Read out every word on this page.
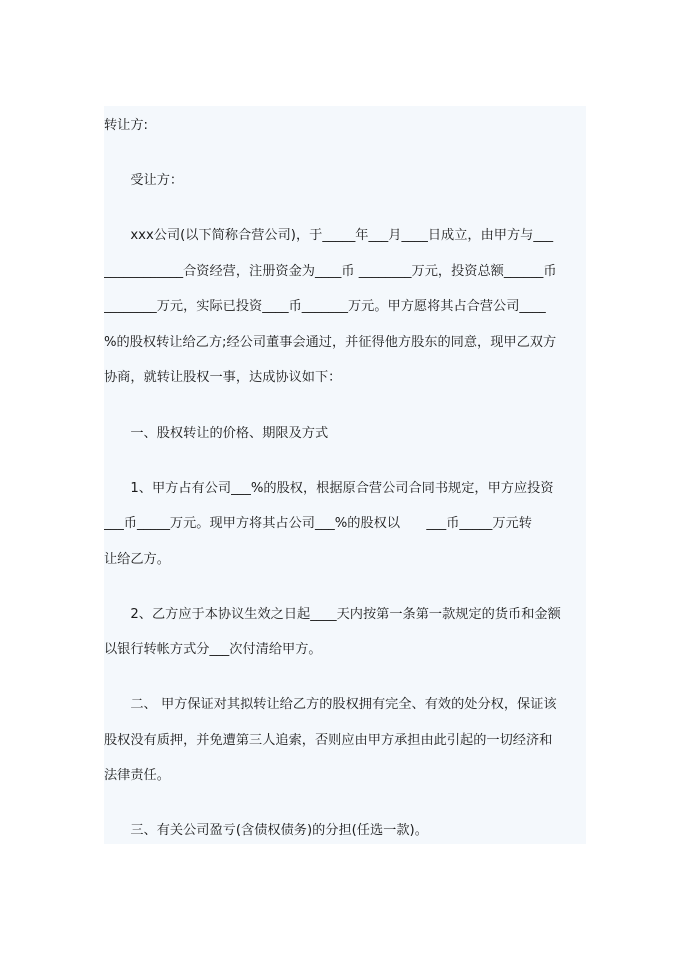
转让方:
　　受让方：
　　xxx公司(以下简称合营公司)，于_____年___月____日成立，由甲方与___
____________合资经营，注册资金为____币 ________万元，投资总额______币
________万元，实际已投资____币_______万元。甲方愿将其占合营公司____
%的股权转让给乙方;经公司董事会通过，并征得他方股东的同意，现甲乙双方
协商，就转让股权一事，达成协议如下：
　　一、股权转让的价格、期限及方式
　　1、甲方占有公司___%的股权，根据原合营公司合同书规定，甲方应投资
___币_____万元。现甲方将其占公司___%的股权以　　___币_____万元转
让给乙方。
　　2、乙方应于本协议生效之日起____天内按第一条第一款规定的货币和金额
以银行转帐方式分___次付清给甲方。
　　二、 甲方保证对其拟转让给乙方的股权拥有完全、有效的处分权，保证该
股权没有质押，并免遭第三人追索，否则应由甲方承担由此引起的一切经济和
法律责任。
　　三、有关公司盈亏(含债权债务)的分担(任选一款)。
